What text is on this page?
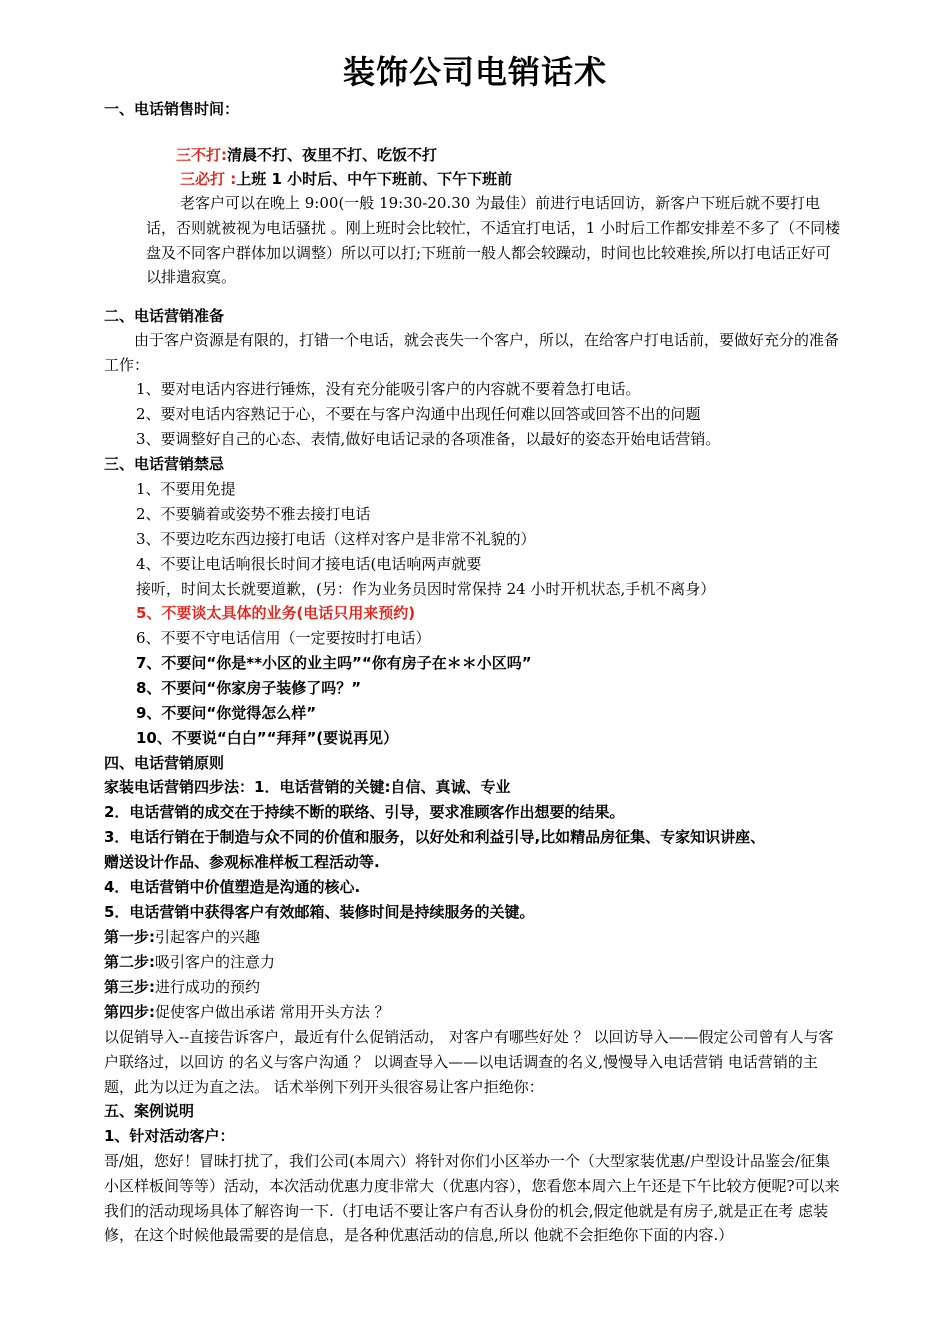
装饰公司电销话术
一、电话销售时间：
三不打:清晨不打、夜里不打、吃饭不打
三必打 :上班 1 小时后、中午下班前、下午下班前

老客户可以在晚上 9:00(一般 19:30-20.30 为最佳）前进行电话回访，新客户下班后就不要打电话，否则就被视为电话骚扰 。刚上班时会比较忙，不适宜打电话，1 小时后工作都安排差不多了（不同楼盘及不同客户群体加以调整）所以可以打;下班前一般人都会较躁动，时间也比较难挨,所以打电话正好可以排遣寂寞。

二、电话营销准备

由于客户资源是有限的，打错一个电话，就会丧失一个客户，所以，在给客户打电话前，要做好充分的准备工作：

1、要对电话内容进行锤炼，没有充分能吸引客户的内容就不要着急打电话。
2、要对电话内容熟记于心，不要在与客户沟通中出现任何难以回答或回答不出的问题
3、要调整好自己的心态、表情,做好电话记录的各项准备，以最好的姿态开始电话营销。
三、电话营销禁忌
1、不要用免提
2、不要躺着或姿势不雅去接打电话
3、不要边吃东西边接打电话（这样对客户是非常不礼貌的）
4、不要让电话响很长时间才接电话(电话响两声就要
接听，时间太长就要道歉，(另：作为业务员因时常保持 24 小时开机状态,手机不离身）
5、不要谈太具体的业务(电话只用来预约)
6、不要不守电话信用（一定要按时打电话）
7、不要问“你是**小区的业主吗”“你有房子在＊＊小区吗”
8、不要问“你家房子装修了吗？”
9、不要问“你觉得怎么样”
10、不要说“白白”“拜拜”(要说再见）
四、电话营销原则
家装电话营销四步法：1．电话营销的关键:自信、真诚、专业
2．电话营销的成交在于持续不断的联络、引导，要求准顾客作出想要的结果。
3．电话行销在于制造与众不同的价值和服务，以好处和利益引导,比如精品房征集、专家知识讲座、
赠送设计作品、参观标准样板工程活动等.
4．电话营销中价值塑造是沟通的核心.
5．电话营销中获得客户有效邮箱、装修时间是持续服务的关键。
第一步:引起客户的兴趣
第二步:吸引客户的注意力
第三步:进行成功的预约
第四步:促使客户做出承诺 常用开头方法 ？

以促销导入--直接告诉客户，最近有什么促销活动， 对客户有哪些好处 ？ 以回访导入——假定公司曾有人与客户联络过，以回访 的名义与客户沟通 ？ 以调查导入——以电话调查的名义,慢慢导入电话营销 电话营销的主题，此为以迂为直之法。 话术举例下列开头很容易让客户拒绝你：

五、案例说明
1、针对活动客户：

哥/姐，您好！冒昧打扰了，我们公司(本周六）将针对你们小区举办一个（大型家装优惠/户型设计品鉴会/征集小区样板间等等）活动，本次活动优惠力度非常大（优惠内容），您看您本周六上午还是下午比较方便呢?可以来我们的活动现场具体了解咨询一下.（打电话不要让客户有否认身份的机会,假定他就是有房子,就是正在考 虑装修，在这个时候他最需要的是信息，是各种优惠活动的信息,所以 他就不会拒绝你下面的内容.）
